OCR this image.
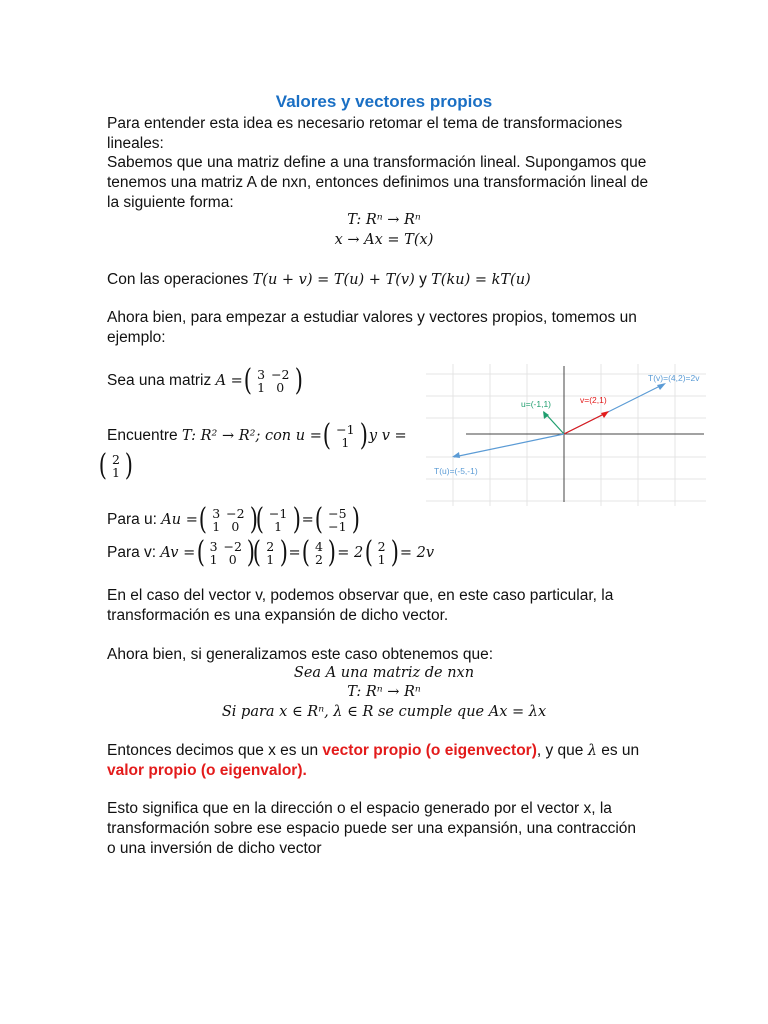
Valores y vectores propios
Para entender esta idea es necesario retomar el tema de transformaciones lineales:
Sabemos que una matriz define a una transformación lineal. Supongamos que tenemos una matriz A de nxn, entonces definimos una transformación lineal de la siguiente forma:
T: Rⁿ → Rⁿ
x → Ax = T(x)
Con las operaciones T(u + v) = T(u) + T(v) y T(ku) = kT(u)
Ahora bien, para empezar a estudiar valores y vectores propios, tomemos un ejemplo:
Sea una matriz A = ( 3	−2
1	0 )
Encuentre T: R² → R²; con u = ( −1
1 ) y v =
( 2
1 )
Para u: Au = ( 3	−2
1	0 )

( −1
1 ) = ( −5
−1 )
Para v: Av = ( 3	−2
1	0 )

( 2
1 ) = ( 4
2 ) = 2 ( 2
1 ) = 2v
T(v)=(4,2)=2v
u=(-1,1)	v=(2,1)
T(u)=(-5,-1)
En el caso del vector v, podemos observar que, en este caso particular, la transformación es una expansión de dicho vector.
Ahora bien, si generalizamos este caso obtenemos que:
Sea A una matriz de nxn
T: Rⁿ → Rⁿ
Si para x ∈ Rⁿ, λ ∈ R se cumple que Ax = λx
Entonces decimos que x es un vector propio (o eigenvector), y que λ es un valor propio (o eigenvalor).
Esto significa que en la dirección o el espacio generado por el vector x, la transformación sobre ese espacio puede ser una expansión, una contracción o una inversión de dicho vector
